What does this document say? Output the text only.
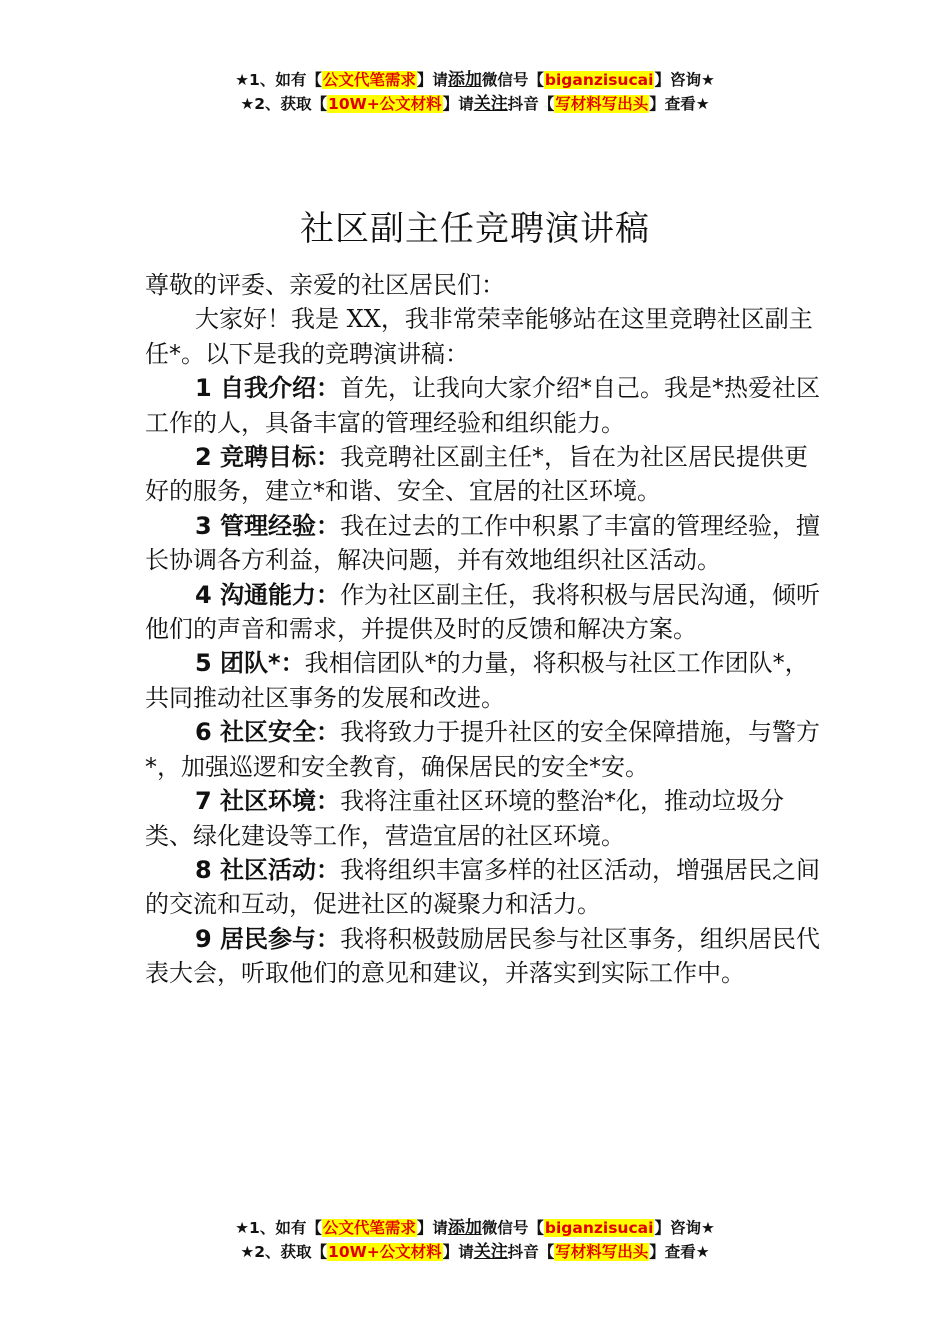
★1、如有【公文代笔需求】请添加微信号【biganzisucai】咨询★
★2、获取【10W+公文材料】请关注抖音【写材料写出头】查看★
社区副主任竞聘演讲稿

尊敬的评委、亲爱的社区居民们：

大家好！我是 XX，我非常荣幸能够站在这里竞聘社区副主任*。以下是我的竞聘演讲稿：

1 自我介绍：首先，让我向大家介绍*自己。我是*热爱社区工作的人，具备丰富的管理经验和组织能力。

2 竞聘目标：我竞聘社区副主任*，旨在为社区居民提供更好的服务，建立*和谐、安全、宜居的社区环境。

3 管理经验：我在过去的工作中积累了丰富的管理经验，擅长协调各方利益，解决问题，并有效地组织社区活动。

4 沟通能力：作为社区副主任，我将积极与居民沟通，倾听他们的声音和需求，并提供及时的反馈和解决方案。

5 团队*：我相信团队*的力量，将积极与社区工作团队*，共同推动社区事务的发展和改进。

6 社区安全：我将致力于提升社区的安全保障措施，与警方*，加强巡逻和安全教育，确保居民的安全*安。

7 社区环境：我将注重社区环境的整治*化，推动垃圾分类、绿化建设等工作，营造宜居的社区环境。

8 社区活动：我将组织丰富多样的社区活动，增强居民之间的交流和互动，促进社区的凝聚力和活力。

9 居民参与：我将积极鼓励居民参与社区事务，组织居民代表大会，听取他们的意见和建议，并落实到实际工作中。

★1、如有【公文代笔需求】请添加微信号【biganzisucai】咨询★
★2、获取【10W+公文材料】请关注抖音【写材料写出头】查看★
